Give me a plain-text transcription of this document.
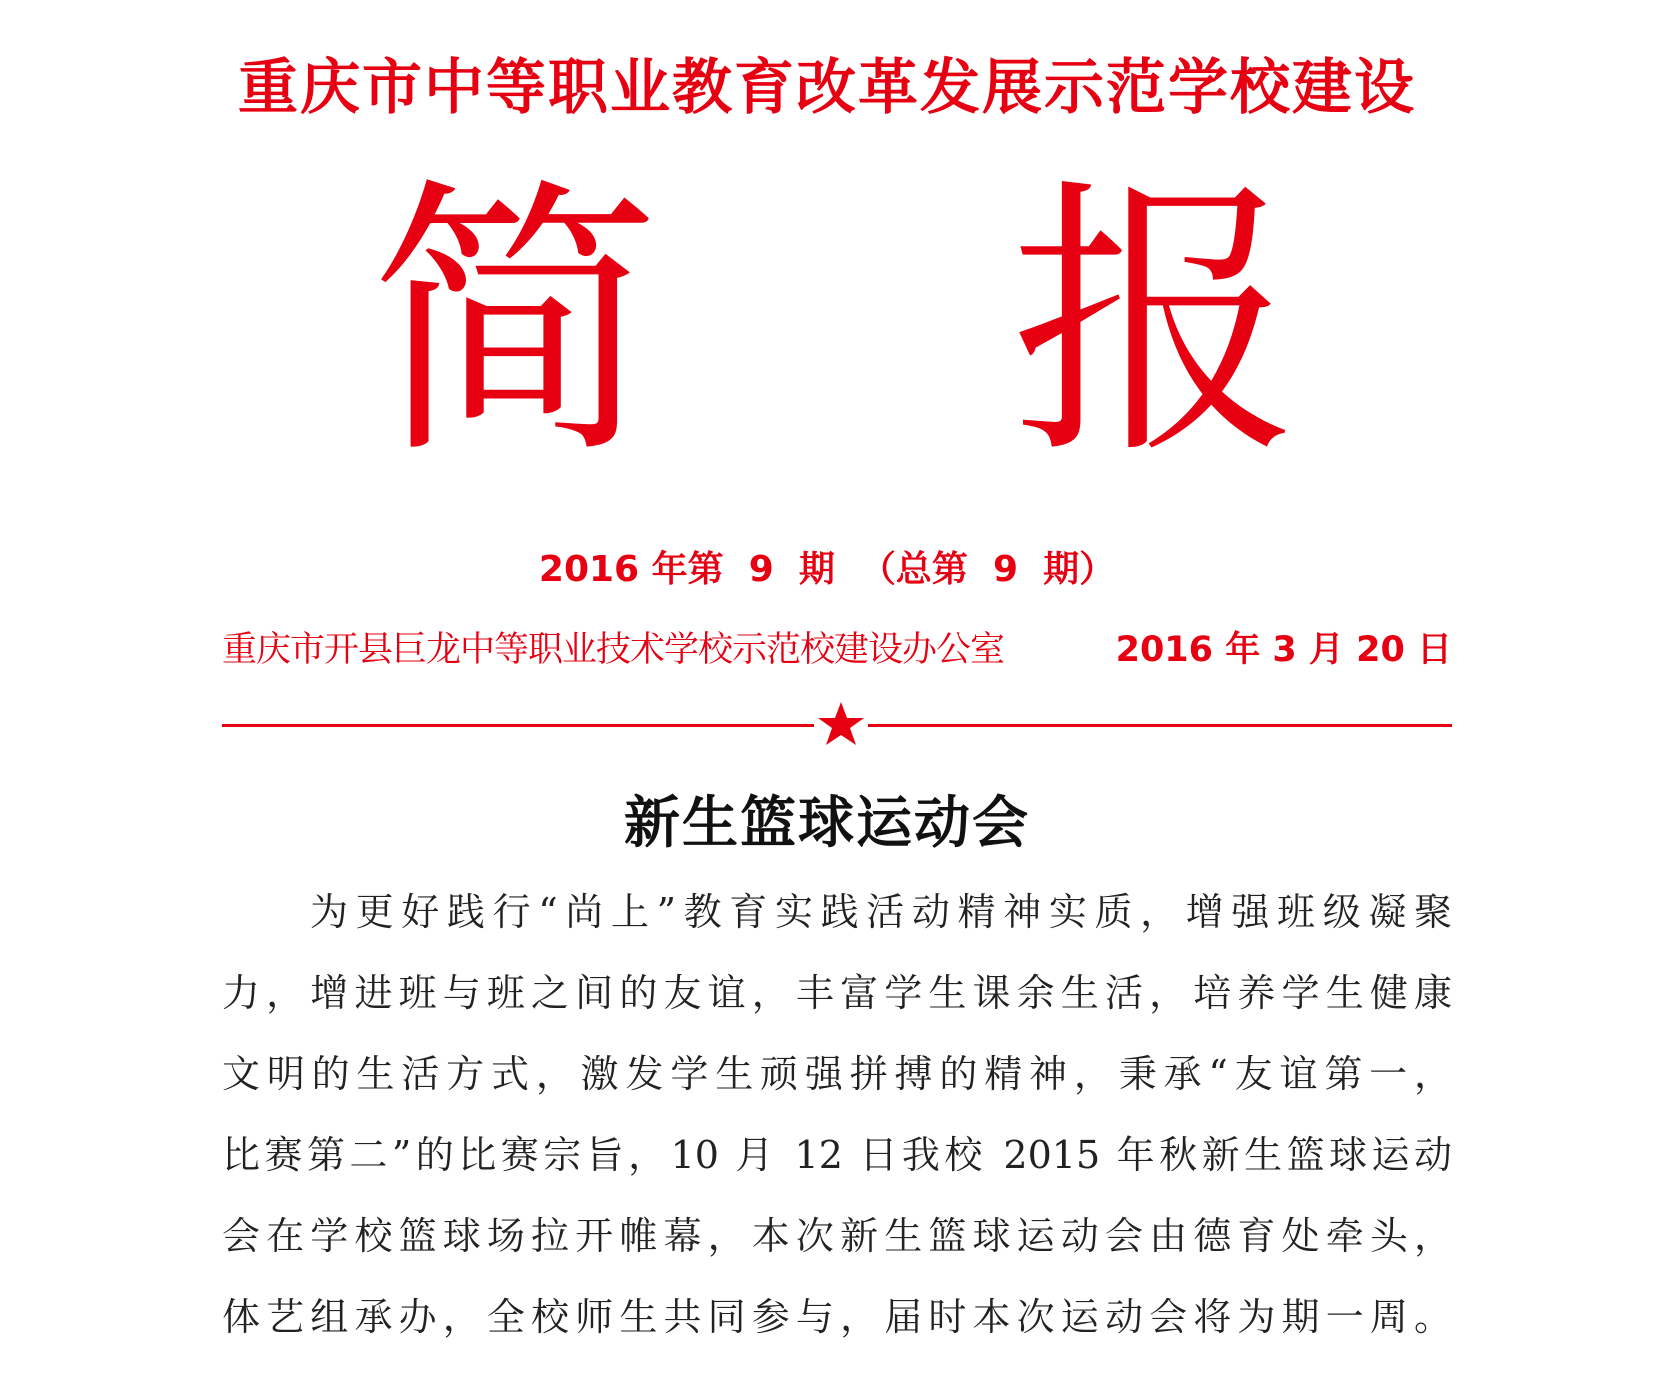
重庆市中等职业教育改革发展示范学校建设
简 报
2016 年第  9  期  （总第  9  期）
重庆市开县巨龙中等职业技术学校示范校建设办公室	2016 年 3 月 20 日
新生篮球运动会
为更好践行“尚上”教育实践活动精神实质，增强班级凝聚
力，增进班与班之间的友谊，丰富学生课余生活，培养学生健康
文明的生活方式，激发学生顽强拼搏的精神，秉承“友谊第一，
比赛第二”的比赛宗旨，10 月 12 日我校 2015 年秋新生篮球运动
会在学校篮球场拉开帷幕，本次新生篮球运动会由德育处牵头，
体艺组承办，全校师生共同参与，届时本次运动会将为期一周。
